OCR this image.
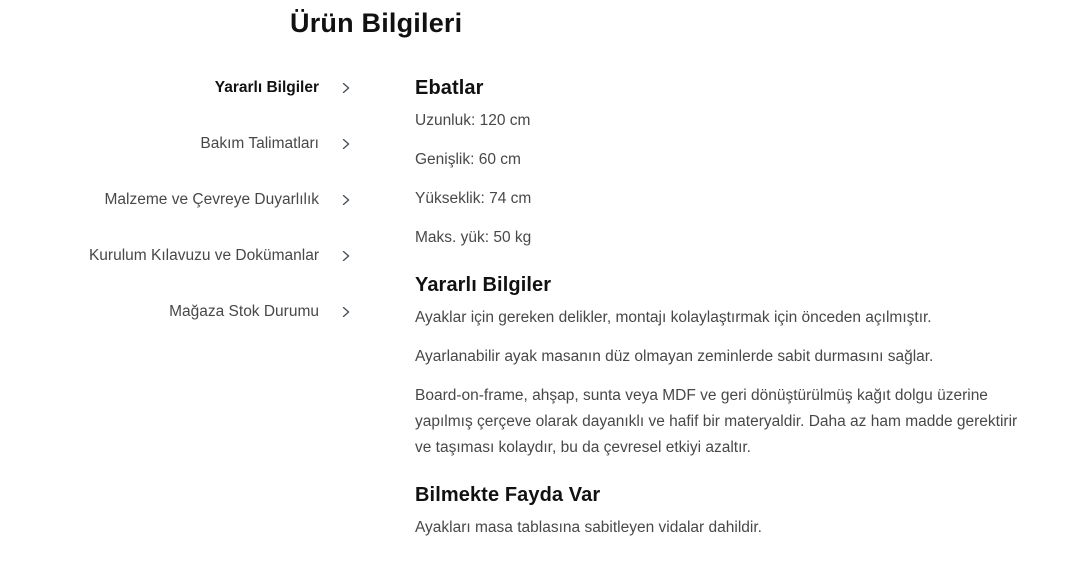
Ürün Bilgileri
Yararlı Bilgiler
Bakım Talimatları
Malzeme ve Çevreye Duyarlılık
Kurulum Kılavuzu ve Dokümanlar
Mağaza Stok Durumu
Ebatlar

Uzunluk: 120 cm

Genişlik: 60 cm

Yükseklik: 74 cm

Maks. yük: 50 kg

Yararlı Bilgiler

Ayaklar için gereken delikler, montajı kolaylaştırmak için önceden açılmıştır.

Ayarlanabilir ayak masanın düz olmayan zeminlerde sabit durmasını sağlar.

Board-on-frame, ahşap, sunta veya MDF ve geri dönüştürülmüş kağıt dolgu üzerine yapılmış çerçeve olarak dayanıklı ve hafif bir materyaldir. Daha az ham madde gerektirir ve taşıması kolaydır, bu da çevresel etkiyi azaltır.

Bilmekte Fayda Var

Ayakları masa tablasına sabitleyen vidalar dahildir.
